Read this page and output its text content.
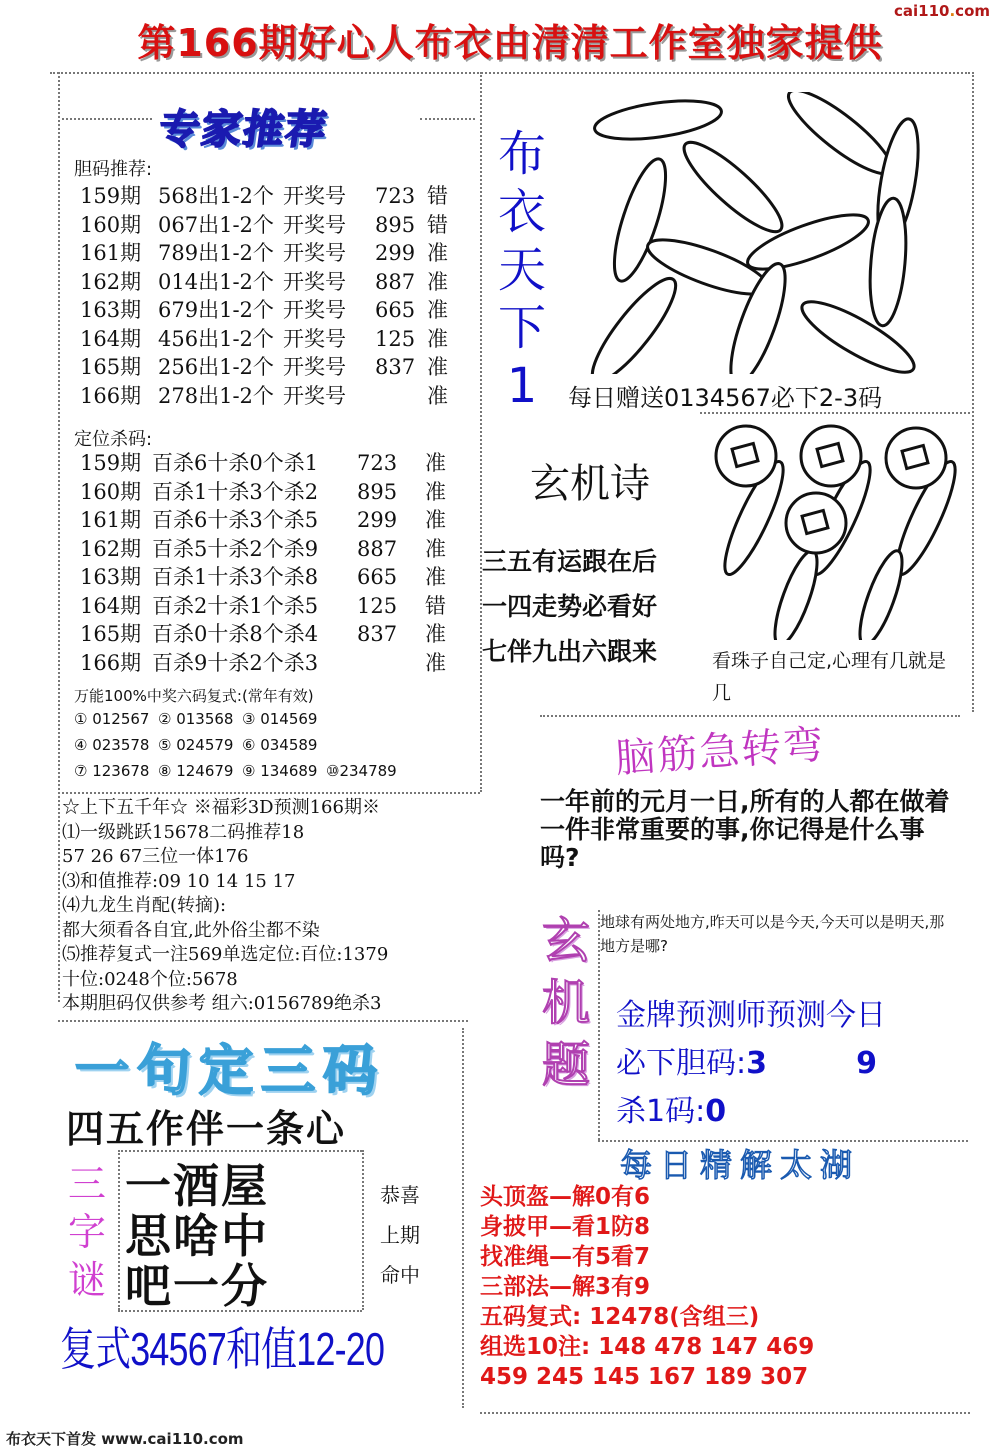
cai110.com
第166期好心人布衣由清清工作室独家提供
专家推荐
胆码推荐:
159期 568出1-2个 开奖号	723 错
160期 067出1-2个 开奖号	895 错
161期 789出1-2个 开奖号	299 准
162期 014出1-2个 开奖号	887 准
163期 679出1-2个 开奖号	665 准
164期 456出1-2个 开奖号	125 准
165期 256出1-2个 开奖号	837 准
166期 278出1-2个 开奖号	准
定位杀码:
159期 百杀6十杀0个杀1	723	准
160期 百杀1十杀3个杀2	895	准
161期 百杀6十杀3个杀5	299	准
162期 百杀5十杀2个杀9	887	准
163期 百杀1十杀3个杀8	665	准
164期 百杀2十杀1个杀5	125	错
165期 百杀0十杀8个杀4	837	准
166期 百杀9十杀2个杀3	准
万能100%中奖六码复式:(常年有效)
① 012567 ② 013568 ③ 014569
④ 023578 ⑤ 024579 ⑥ 034589
⑦ 123678 ⑧ 124679 ⑨ 134689 ⑩234789
☆上下五千年☆ ※福彩3D预测166期※
⑴一级跳跃15678二码推荐18
57 26 67三位一体176
⑶和值推荐:09 10 14 15 17
⑷九龙生肖配(转摘):
都大须看各自宜,此外俗尘都不染
⑸推荐复式一注569单选定位:百位:1379
十位:0248个位:5678
本期胆码仅供参考 组六:0156789绝杀3
一句定三码
四五作伴一条心
三
字
谜
一酒屋
思啥中
吧一分
恭喜
上期
命中
复式34567和值12-20
布衣天下首发 www.cai110.com
布
衣
天
下
1	每日赠送0134567必下2-3码
玄机诗
三五有运跟在后
一四走势必看好
七伴九出六跟来	看珠子自己定,心理有几就是几
脑筋急转弯
一年前的元月一日,所有的人都在做着一件非常重要的事,你记得是什么事吗?
玄
机
题
地球有两处地方,昨天可以是今天,今天可以是明天,那地方是哪?
金牌预测师预测今日
必下胆码:3	9
杀1码:0
每日精解太湖
头顶盔—解0有6
身披甲—看1防8
找准绳—有5看7
三部法—解3有9
五码复式: 12478(含组三)
组选10注: 148 478 147 469
459 245 145 167 189 307
